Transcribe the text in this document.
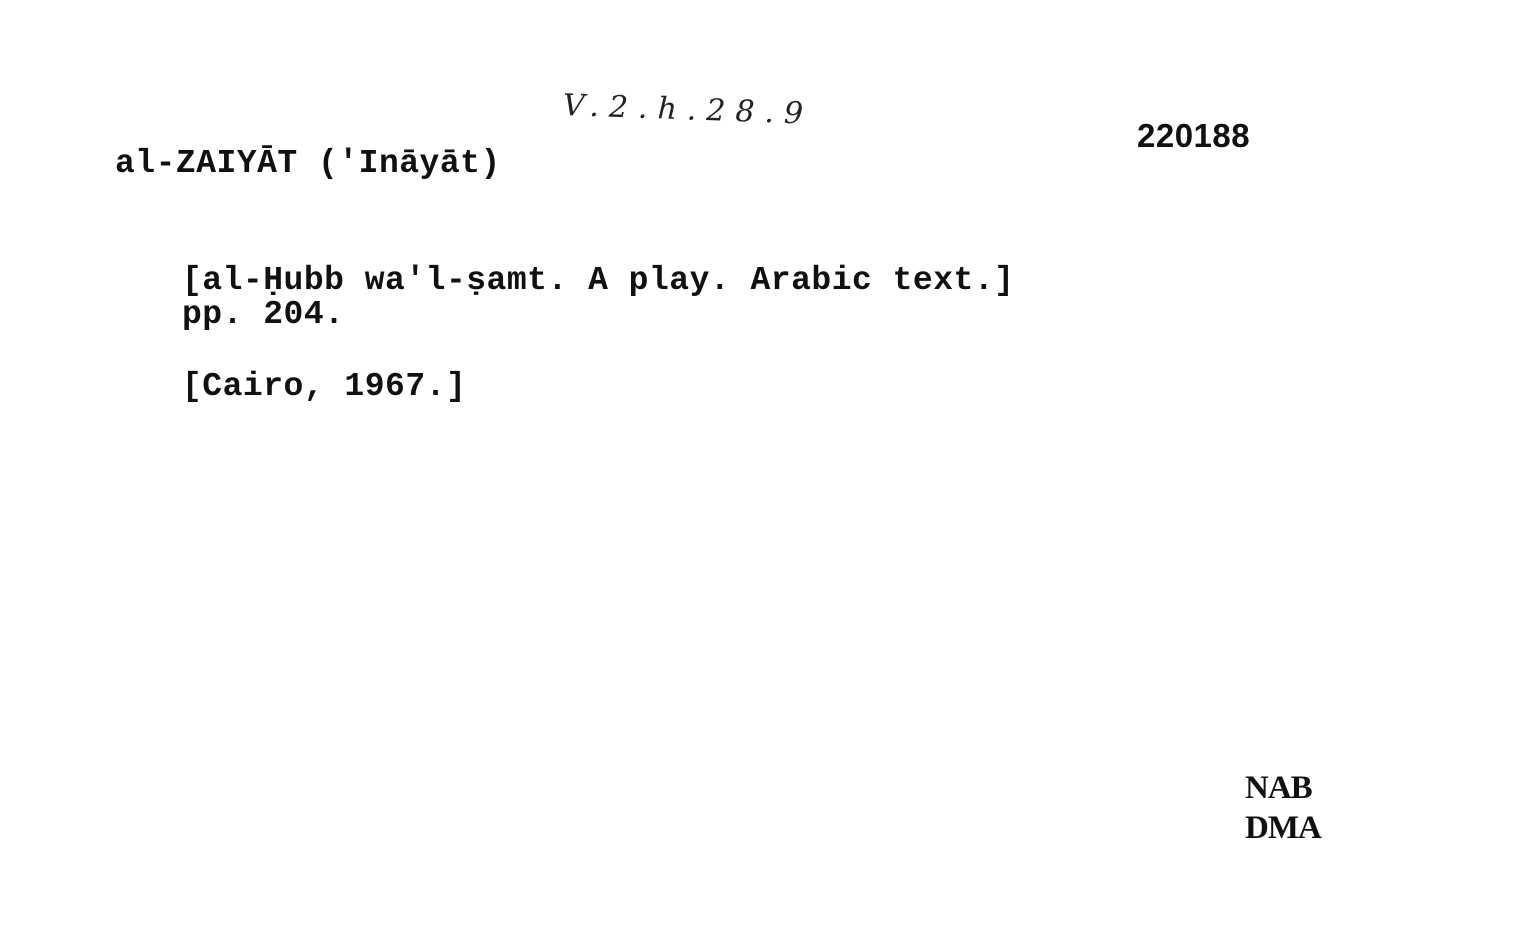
V.2.h.28.9
220188
al-ZAIYĀT ('Ināyāt)
[al-Ḥubb wa'l-ṣamt. A play. Arabic text.]
pp. 204.
[Cairo, 1967.]
NAB
DMA
